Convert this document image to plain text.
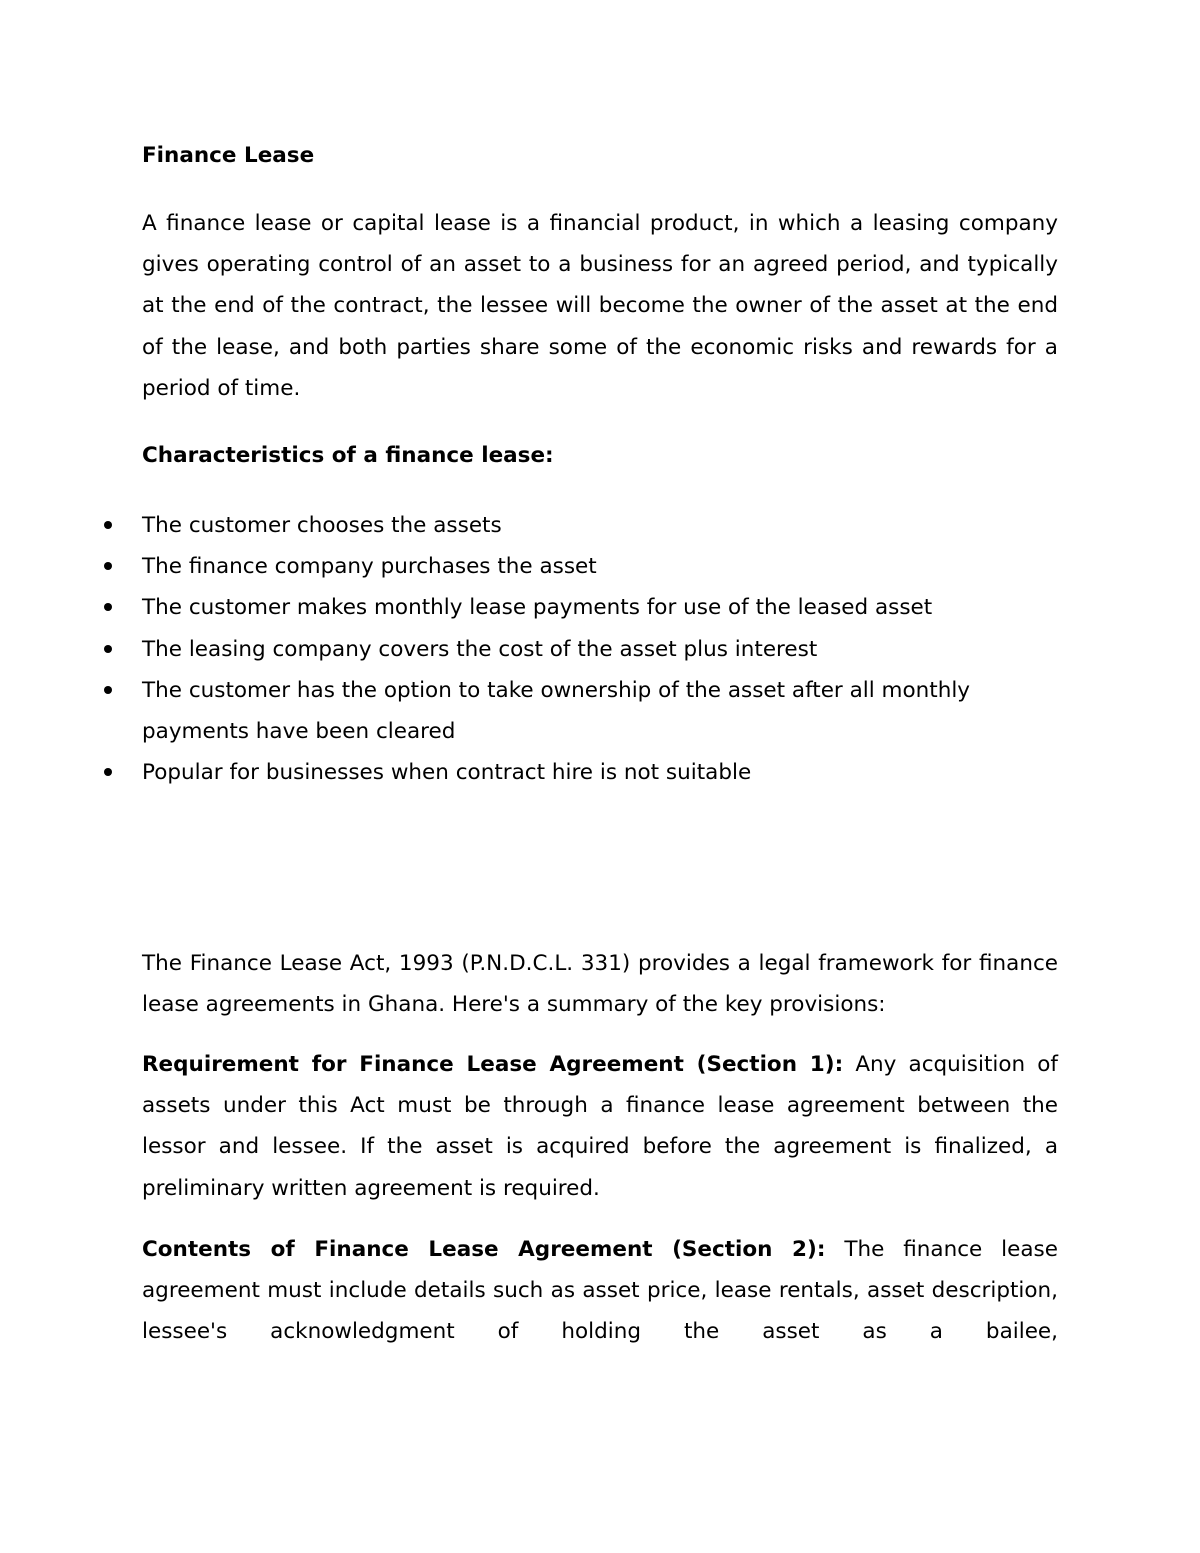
Finance Lease

A finance lease or capital lease is a financial product, in which a leasing company gives operating control of an asset to a business for an agreed period, and typically at the end of the contract, the lessee will become the owner of the asset at the end of the lease, and both parties share some of the economic risks and rewards for a period of time.

Characteristics of a finance lease:
The customer chooses the assets
The finance company purchases the asset
The customer makes monthly lease payments for use of the leased asset
The leasing company covers the cost of the asset plus interest
The customer has the option to take ownership of the asset after all monthly payments have been cleared
Popular for businesses when contract hire is not suitable

The Finance Lease Act, 1993 (P.N.D.C.L. 331) provides a legal framework for finance lease agreements in Ghana. Here's a summary of the key provisions:

Requirement for Finance Lease Agreement (Section 1): Any acquisition of assets under this Act must be through a finance lease agreement between the lessor and lessee. If the asset is acquired before the agreement is finalized, a preliminary written agreement is required.

Contents of Finance Lease Agreement (Section 2): The finance lease agreement must include details such as asset price, lease rentals, asset description, lessee's acknowledgment of holding the asset as a bailee,
